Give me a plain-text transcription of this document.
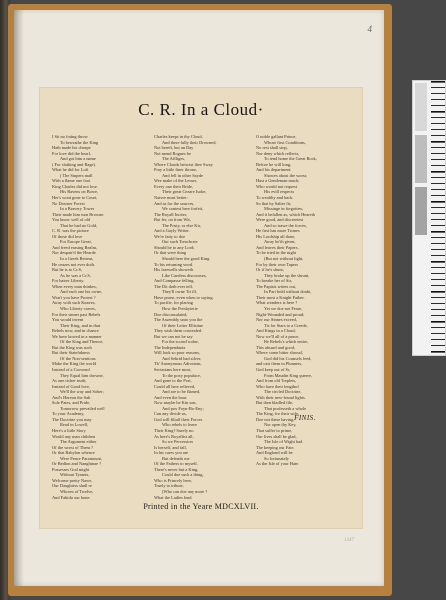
4
C. R. In a Cloud·
I Sit no foting throw
To bewrathe the King
Hath made his cheape
For love did the hearl,
And got him a name
( For sluthing and Rage).
What he did for Loft
( The Smpers mall
With a flame one foot
King Charles did not lose.
His Ravens on Bowe,
Her's wont gone to Court,
No Downer Forest
In a Bravery Tower
Their made him turn Browne.
You know well of old
That he had no Gold,
C. R. was the picture
Of those did love
For Europe Great,
And freed erasing Realm,
Nor despair'd the Hearde
In a Greek Retreat,
He ceazes not ever doth.
But he is to Cr.S,
As he was a Cr.S,
For hairer Liberty.
When every man thinkes,
And each one his owne,
Won't you have Protest ?
Away with such Knaves,
Who Liberty craves,
For their sinner past Rebels
You would invent
Their King, and in that
Rebels now, and in chance
We have bowed in a manner
Of the King and Thence,
But the King was such
But their Statefulness
Of the Non-sentious
Make the King the world
Instead of a Crowned
They Equal him drowne,
As one richer truth;
Instead of Good love,
We'll the way and Sober;
And's Hereon the Salt
Sole Pates, and Pride,
Tomorrow prevailed well
To your Academy,
The Doctrine you may
Read in Lowell,
Here's a little Story
Would any man children
The Argument either
Of the worst of Them ?
Or that Babylon whence
Were Pence Paramount,
Or Bedlon and Nanghtnae ?
Possesses God might
Without Tyrants,
Welcome pretty Nawe,
Our Daughters shall re
Whores of Twelve,
And Fabidu our hone.
Charles keeps in thy Cloud,
And there fully their Drowned,
Not bereft, but an Day
Not mend Rogues be
The Affliges,
Where Clouds betwixt thee Sway
Pray a little finer throne,
And fell in other Sayde
Wee make of the Lesser,
Every one their Bride,
Their great Cezare Isoke,
Natvre must better:
And as for the sources,
We contest here forfeit,
The Royall Inciter,
But fer, on from Wit,
The Posty, or else Kir,
And a Gayly Writer.
We're fatty to doe
Our such Treachcrie
Should be to any Lord;
Or that were thing
Should here the good King
To his returning word.
His farewells showeth
Like Careless discourses,
And Compasse felling,
The Dit doth ever tell,
They'll owne Tri ill,
Have prone, even when to saying.
To pacifie, for placing
How the Presbyterie
Doe disconsulated,
The Assembly unto you the
Of their Letter Ellisitue
They wish them concealed.
But we can not be say
For the scrawl todav,
The Independants
Will look so poor reasons,
And Sebrid had silver,
Th' Anonymous Adrostom,
Sectarians here most,
To the poxy populace,
And gone to the Port,
Could all here relieved,
And are to be flamed,
And even the boar.
Now maybe be Kin son,
And pox Foyn-Bo-Eny;
Can any divide us,
God will filtalf their Forces
Who rebels to leave
Their King? Surely no.
As here's Royallist all,
So we Perversion
Is herself, and fall,
In his cares you are
But defends me
Of the Fathers to myself,
There's never but a King,
Could doe such a thing,
Who is Princely here,
Truely to tribute,
(Who can doe any more ?
What the Ladies lend.
O noble gallant Prince,
Whose first Conditions,
No rest shall stop,
Nor deny which reflects,
To tend home the Great Rock,
Before he will long,
And his department
Showes about the worst;
Hast a Gentleman much;
Who would not request
His evill respects
To wealthy and back.
So that by Salter fit,
Missinge in forgotten,
And it befallen as, which Heareth
Were good, and discreetest
And so trawe the forces,
He first has more Trimes
His Lordship all done,
Away be'th given,
And leaves their Papers.
To be tried in the night
(But not without light,
For by their own Tapers
Or if he's shunt,
They broke up the shrunt,
To breake her of Sir,
The Papists writes out,
In Part hold without doubt,
Their most a Knight Father.
What wonders is here ?
Yet we doe not Feare,
Night-Wounded and proud;
Nor our Sinnes exceed,
Tis for Stars to a Creede,
And Kings in a Cloud;
Now we'll all of a peace,
Be Rebels's which entire,
This absurd and good,
Where come bitter shroud,
God did his Counsels feed,
and cast them in Plunners,
God keep out of Sr,
From Maudin King queere,
And from old Treplets,
Who have their lengthof
The circled Doctrine,
With their new-found lights.
But then bladled file,
That professeth a whole
The King, for their wife,
Doe not these having,
Nor open thy Key,
That suffer to prime,
Our lives shall be glad,
The Isle of Wight had
The keeping our Fate.
And Englond will be
So fortunately
As the Isle of your Hate.
FINIS.
Printed in the Yeare MDCXLVII.
1347
